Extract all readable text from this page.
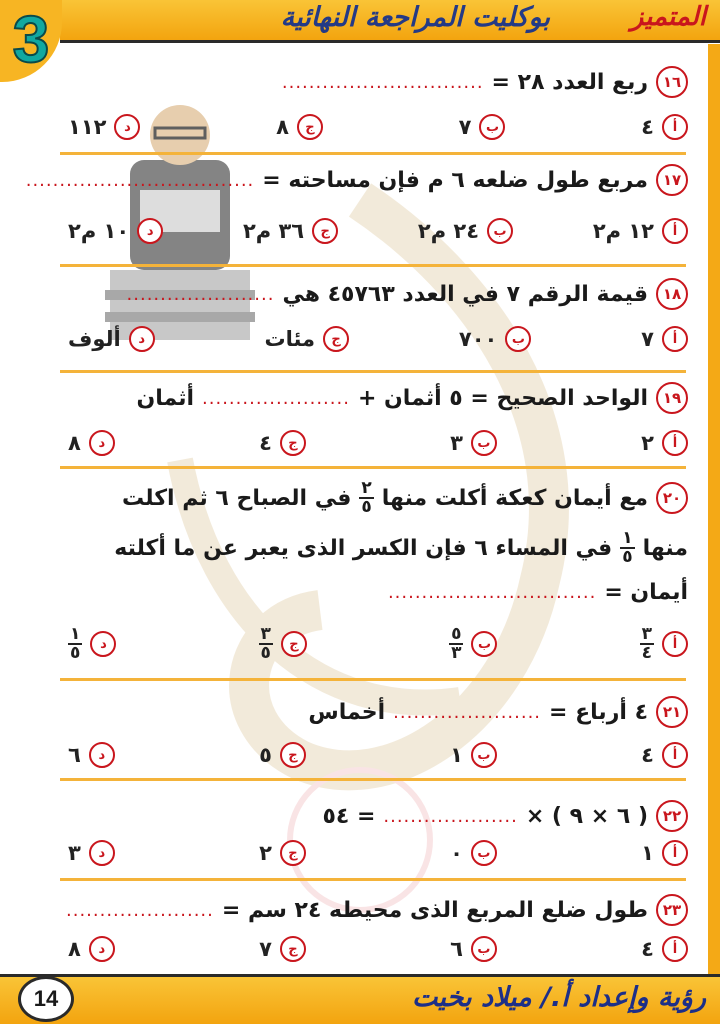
بوكليت المراجعة النهائية	المتميز
3
١٦
ربع العدد ٢٨ =
..............................
أ
٤
ب
٧
ج
٨
د
١١٢
١٧
مربع طول ضلعه ٦ م فإن مساحته =
..................................
أ
١٢ م٢
ب
٢٤ م٢
ج
٣٦ م٢
د
١٠ م٢
١٨
قيمة الرقم ٧ في العدد ٤٥٧٦٣ هي
......................
أ
٧
ب
٧٠٠
ج
مئات
د
ألوف
١٩
الواحد الصحيح = ٥ أثمان +
......................
أثمان
أ
٢
ب
٣
ج
٤
د
٨
٢٠
مع أيمان كعكة أكلت منها
$\frac{٢}{٥}$
في الصباح ٦ ثم اكلت
منها
$\frac{١}{٥}$
في المساء ٦ فإن الكسر الذى يعبر عن ما أكلته
أيمان =
...............................
أ
$\frac{٣}{٤}$
ب
$\frac{٥}{٣}$
ج
$\frac{٣}{٥}$
د
$\frac{١}{٥}$
٢١
٤ أرباع =
......................
أخماس
أ
٤
ب
١
ج
٥
د
٦
٢٢
( ٦ × ٩ ) ×
....................
= ٥٤
أ
١
ب
٠
ج
٢
د
٣
٢٣
طول ضلع المربع الذى محيطه ٢٤ سم =
......................
أ
٤
ب
٦
ج
٧
د
٨
14	رؤية وإعداد أ./ ميلاد بخيت
